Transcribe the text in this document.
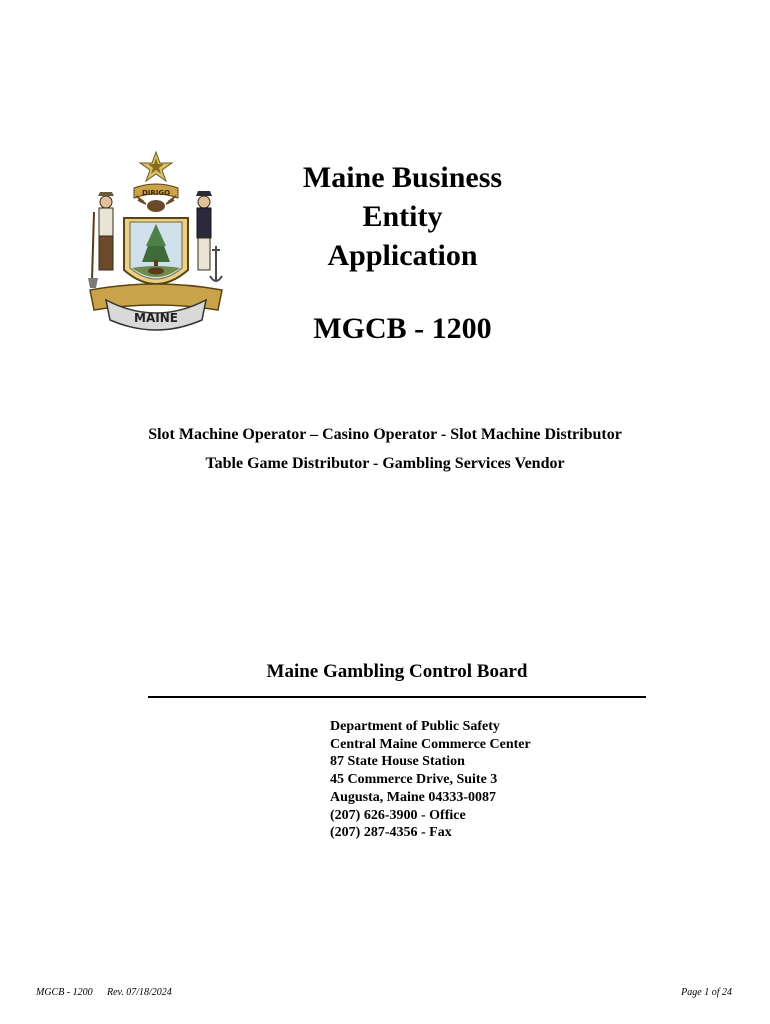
DIRIGO
MAINE
Maine Business
Entity
Application
MGCB - 1200
Slot Machine Operator – Casino Operator - Slot Machine Distributor
Table Game Distributor - Gambling Services Vendor
Maine Gambling Control Board
Department of Public Safety
Central Maine Commerce Center
87 State House Station
45 Commerce Drive, Suite 3
Augusta, Maine 04333-0087
(207) 626-3900 - Office
(207) 287-4356 - Fax
MGCB - 1200 Rev. 07/18/2024	Page 1 of 24
